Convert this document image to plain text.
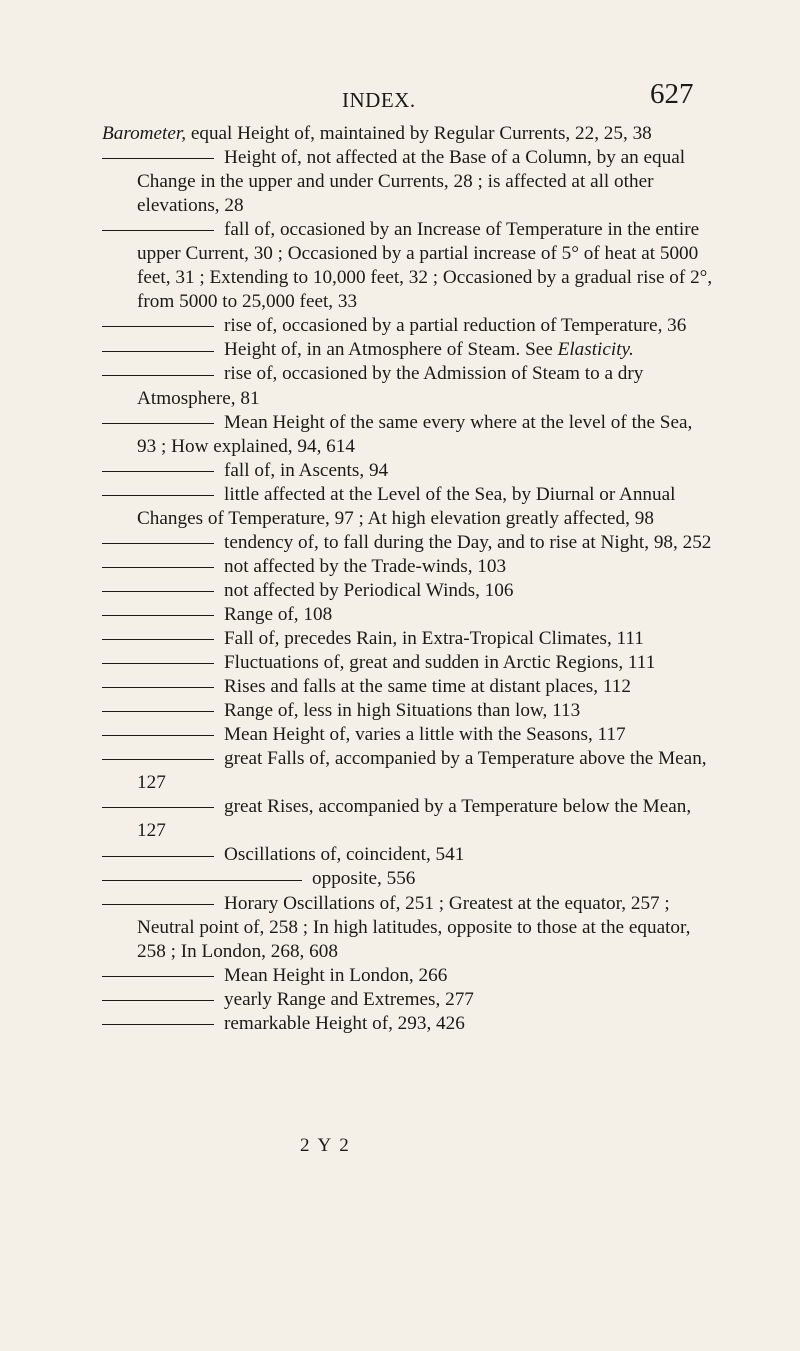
INDEX.	627

Barometer, equal Height of, maintained by Regular Currents, 22, 25, 38

Height of, not affected at the Base of a Column, by an equal Change in the upper and under Currents, 28 ; is affected at all other elevations, 28

fall of, occasioned by an Increase of Temperature in the entire upper Current, 30 ; Occasioned by a partial increase of 5° of heat at 5000 feet, 31 ; Extending to 10,000 feet, 32 ; Occasioned by a gradual rise of 2°, from 5000 to 25,000 feet, 33

rise of, occasioned by a partial reduction of Temperature, 36

Height of, in an Atmosphere of Steam. See Elasticity.

rise of, occasioned by the Admission of Steam to a dry Atmosphere, 81

Mean Height of the same every where at the level of the Sea, 93 ; How explained, 94, 614

fall of, in Ascents, 94

little affected at the Level of the Sea, by Diurnal or Annual Changes of Temperature, 97 ; At high elevation greatly affected, 98

tendency of, to fall during the Day, and to rise at Night, 98, 252

not affected by the Trade-winds, 103

not affected by Periodical Winds, 106

Range of, 108

Fall of, precedes Rain, in Extra-Tropical Climates, 111

Fluctuations of, great and sudden in Arctic Regions, 111

Rises and falls at the same time at distant places, 112

Range of, less in high Situations than low, 113

Mean Height of, varies a little with the Seasons, 117

great Falls of, accompanied by a Temperature above the Mean, 127

great Rises, accompanied by a Temperature below the Mean, 127

Oscillations of, coincident, 541

opposite, 556

Horary Oscillations of, 251 ; Greatest at the equator, 257 ; Neutral point of, 258 ; In high latitudes, opposite to those at the equator, 258 ; In London, 268, 608

Mean Height in London, 266

yearly Range and Extremes, 277

remarkable Height of, 293, 426

2 Y 2
